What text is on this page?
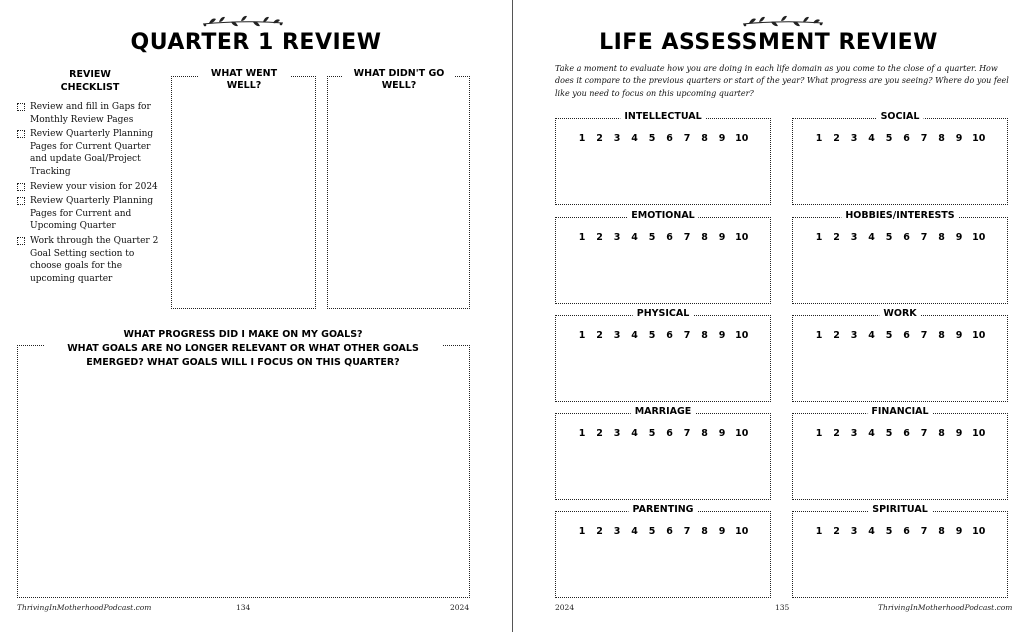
QUARTER 1 REVIEW
REVIEW
CHECKLIST
Review and fill in Gaps for Monthly Review Pages
Review Quarterly Planning Pages for Current Quarter and update Goal/Project Tracking
Review your vision for 2024
Review Quarterly Planning Pages for Current and Upcoming Quarter
Work through the Quarter 2 Goal Setting section to choose goals for the upcoming quarter
WHAT WENT
WELL?
WHAT DIDN'T GO
WELL?
WHAT PROGRESS DID I MAKE ON MY GOALS?
WHAT GOALS ARE NO LONGER RELEVANT OR WHAT OTHER GOALS
EMERGED? WHAT GOALS WILL I FOCUS ON THIS QUARTER?
ThrivingInMotherhoodPodcast.com	134	2024
LIFE ASSESSMENT REVIEW
Take a moment to evaluate how you are doing in each life domain as you come to the close of a quarter. How does it compare to the previous quarters or start of the year? What progress are you seeing? Where do you feel like you need to focus on this upcoming quarter?
INTELLECTUAL
1	2	3	4	5	6	7	8	9	10
SOCIAL
1	2	3	4	5	6	7	8	9	10
EMOTIONAL
1	2	3	4	5	6	7	8	9	10
HOBBIES/INTERESTS
1	2	3	4	5	6	7	8	9	10
PHYSICAL
1	2	3	4	5	6	7	8	9	10
WORK
1	2	3	4	5	6	7	8	9	10
MARRIAGE
1	2	3	4	5	6	7	8	9	10
FINANCIAL
1	2	3	4	5	6	7	8	9	10
PARENTING
1	2	3	4	5	6	7	8	9	10
SPIRITUAL
1	2	3	4	5	6	7	8	9	10
2024	135	ThrivingInMotherhoodPodcast.com
